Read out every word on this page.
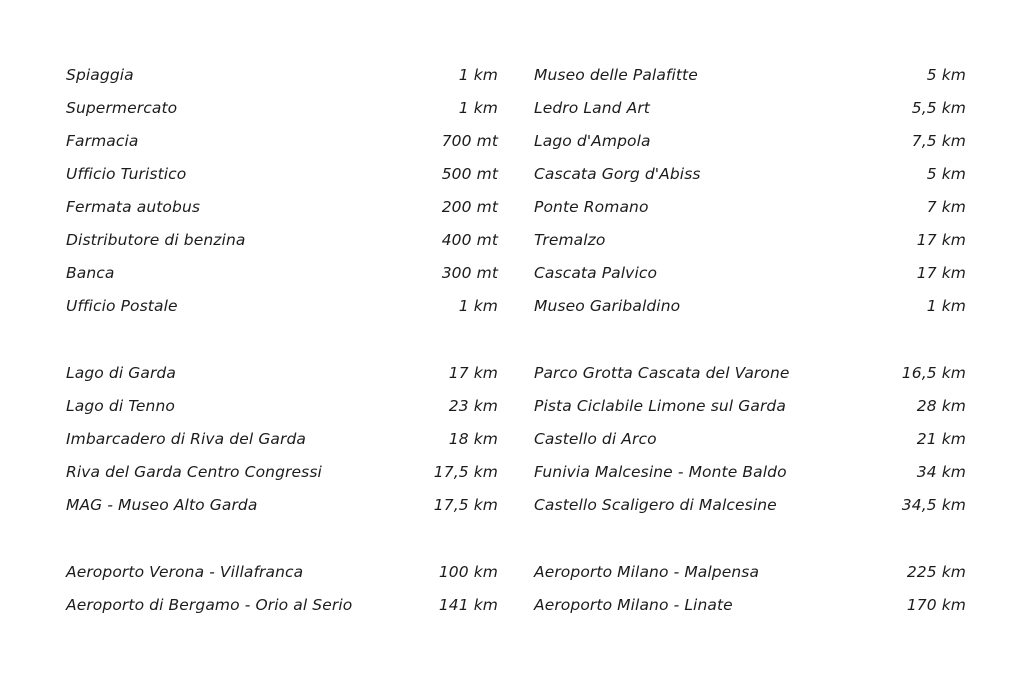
Spiaggia	1 km
Supermercato	1 km
Farmacia	700 mt
Ufficio Turistico	500 mt
Fermata autobus	200 mt
Distributore di benzina	400 mt
Banca	300 mt
Ufficio Postale	1 km
Lago di Garda	17 km
Lago di Tenno	23 km
Imbarcadero di Riva del Garda	18 km
Riva del Garda Centro Congressi	17,5 km
MAG - Museo Alto Garda	17,5 km
Aeroporto Verona - Villafranca	100 km
Aeroporto di Bergamo - Orio al Serio	141 km
Museo delle Palafitte	5 km
Ledro Land Art	5,5 km
Lago d'Ampola	7,5 km
Cascata Gorg d'Abiss	5 km
Ponte Romano	7 km
Tremalzo	17 km
Cascata Palvico	17 km
Museo Garibaldino	1 km
Parco Grotta Cascata del Varone	16,5 km
Pista Ciclabile Limone sul Garda	28 km
Castello di Arco	21 km
Funivia Malcesine - Monte Baldo	34 km
Castello Scaligero di Malcesine	34,5 km
Aeroporto Milano - Malpensa	225 km
Aeroporto Milano - Linate	170 km
